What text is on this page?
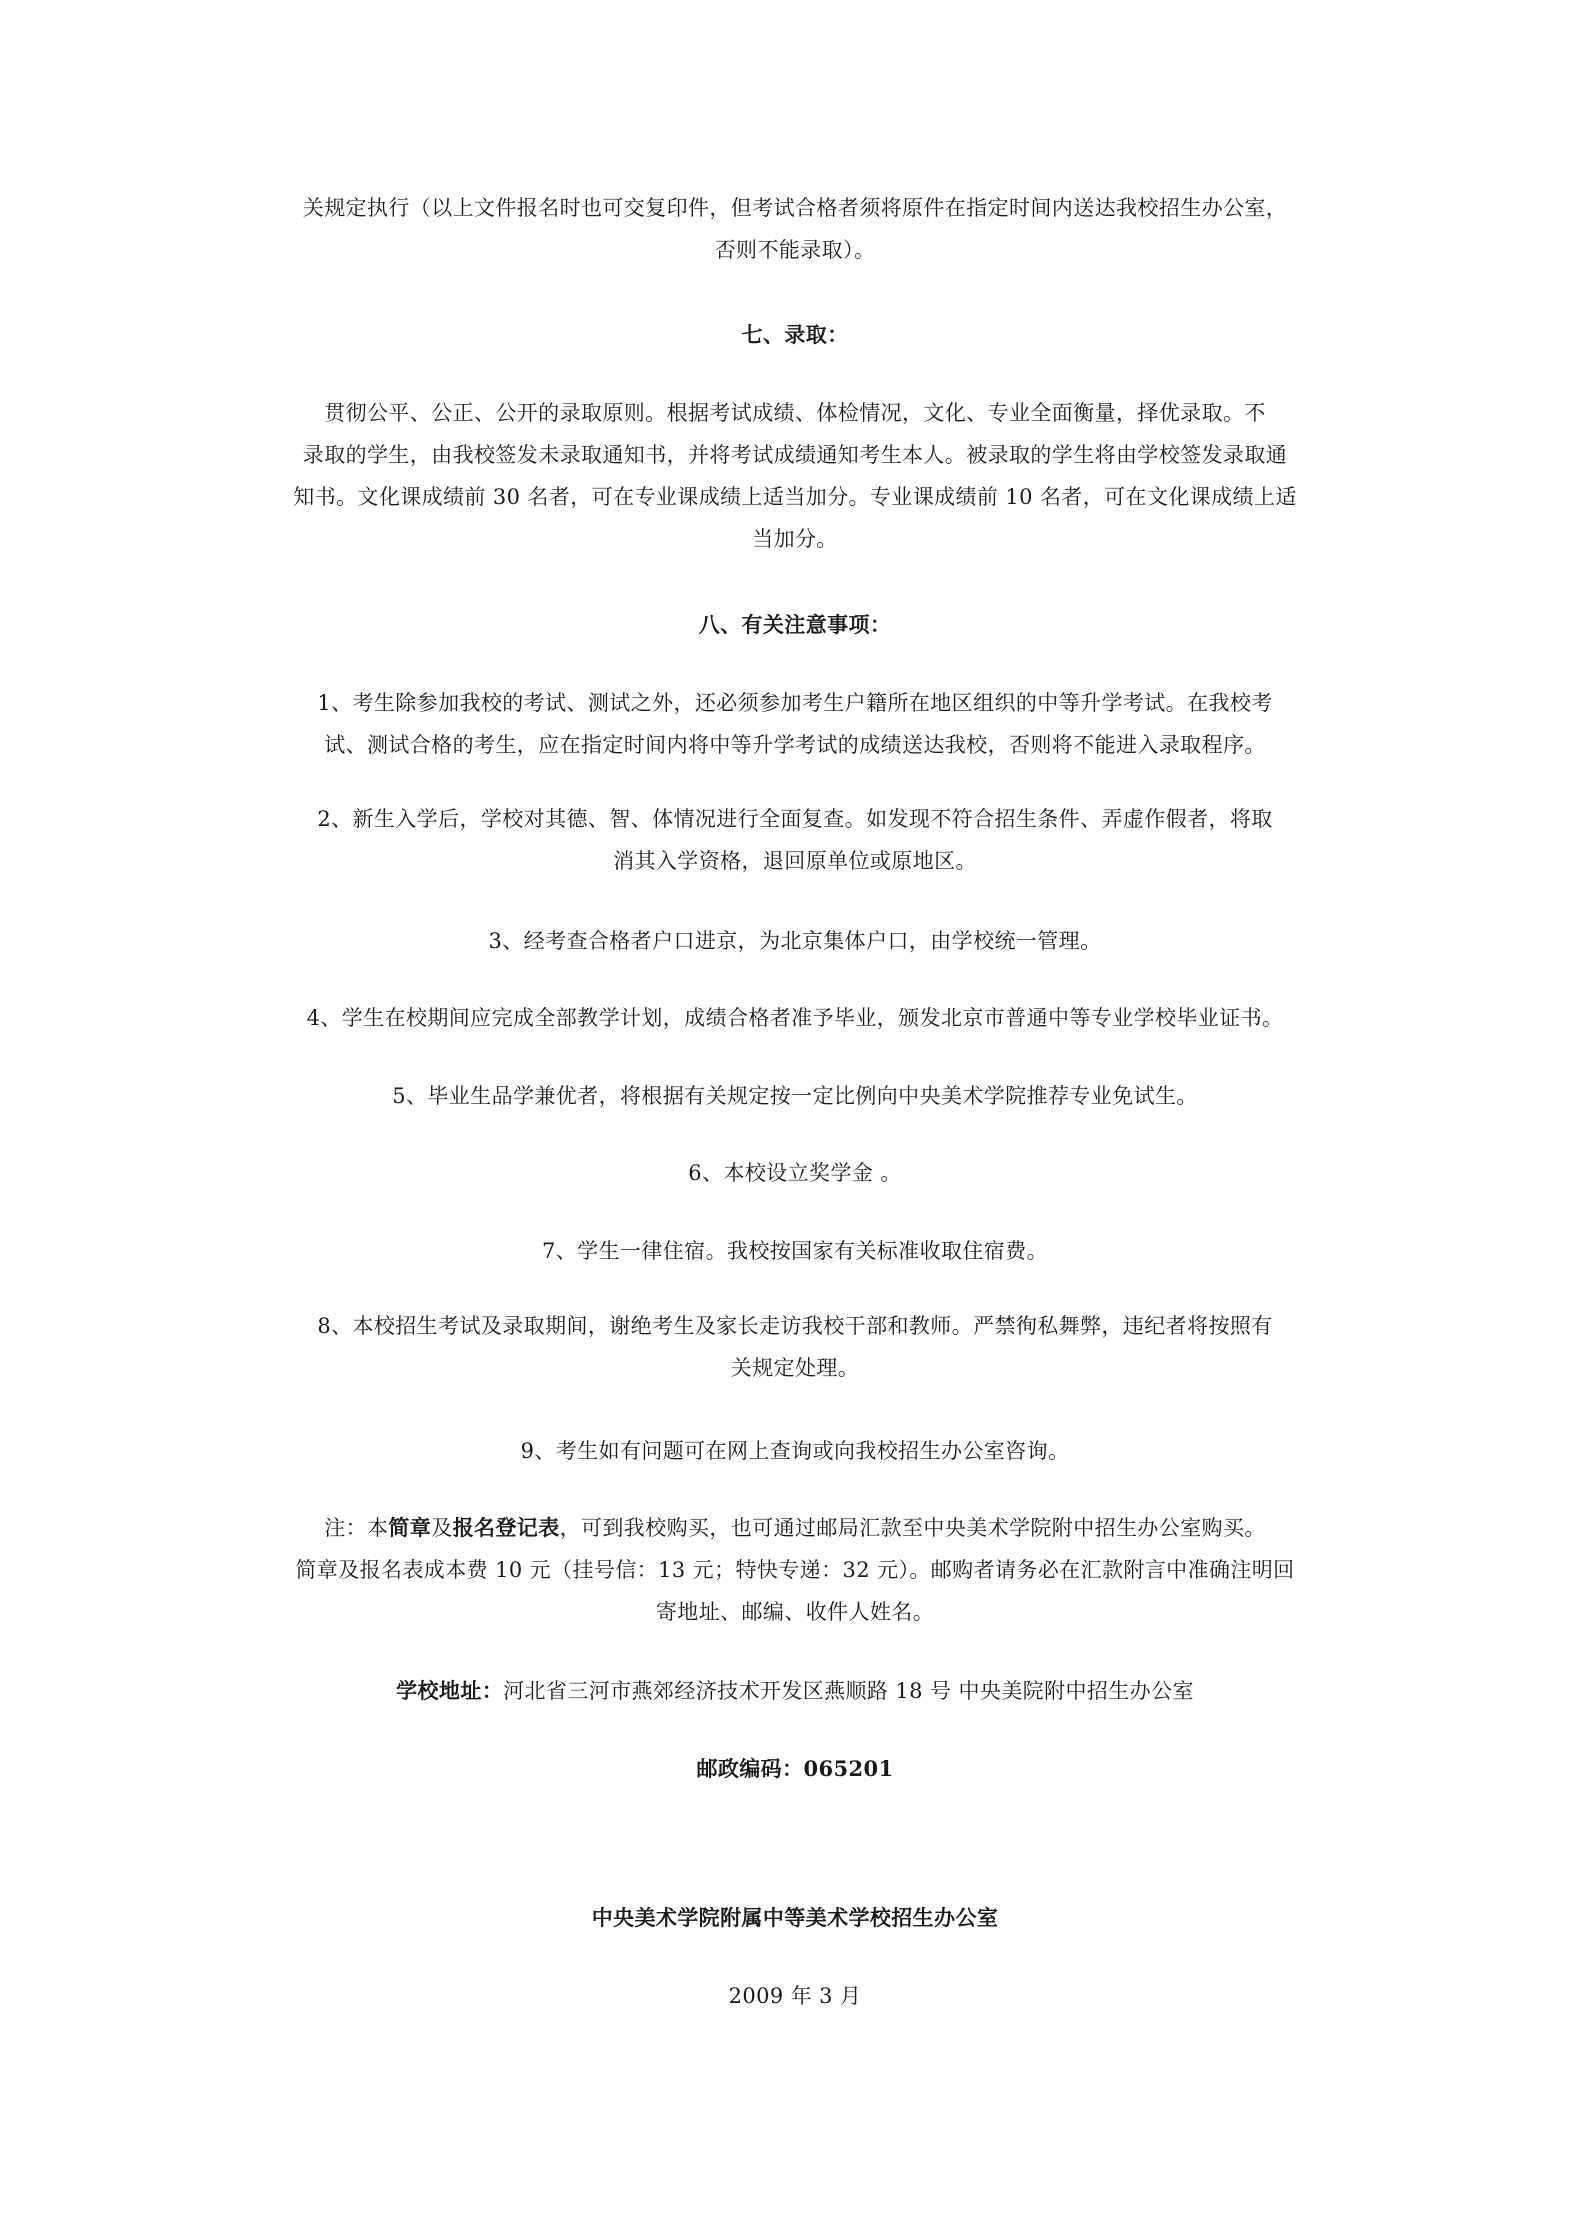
关规定执行（以上文件报名时也可交复印件，但考试合格者须将原件在指定时间内送达我校招生办公室，
否则不能录取）。
七、录取：
贯彻公平、公正、公开的录取原则。根据考试成绩、体检情况，文化、专业全面衡量，择优录取。不
录取的学生，由我校签发未录取通知书，并将考试成绩通知考生本人。被录取的学生将由学校签发录取通
知书。文化课成绩前 30 名者，可在专业课成绩上适当加分。专业课成绩前 10 名者，可在文化课成绩上适
当加分。
八、有关注意事项：
1、考生除参加我校的考试、测试之外，还必须参加考生户籍所在地区组织的中等升学考试。在我校考
试、测试合格的考生，应在指定时间内将中等升学考试的成绩送达我校，否则将不能进入录取程序。
2、新生入学后，学校对其德、智、体情况进行全面复查。如发现不符合招生条件、弄虚作假者，将取
消其入学资格，退回原单位或原地区。
3、经考查合格者户口进京，为北京集体户口，由学校统一管理。
4、学生在校期间应完成全部教学计划，成绩合格者准予毕业，颁发北京市普通中等专业学校毕业证书。
5、毕业生品学兼优者，将根据有关规定按一定比例向中央美术学院推荐专业免试生。
6、本校设立奖学金 。
7、学生一律住宿。我校按国家有关标准收取住宿费。
8、本校招生考试及录取期间，谢绝考生及家长走访我校干部和教师。严禁徇私舞弊，违纪者将按照有
关规定处理。
9、考生如有问题可在网上查询或向我校招生办公室咨询。
注：本简章及报名登记表，可到我校购买，也可通过邮局汇款至中央美术学院附中招生办公室购买。
简章及报名表成本费 10 元（挂号信：13 元；特快专递：32 元）。邮购者请务必在汇款附言中准确注明回
寄地址、邮编、收件人姓名。
学校地址：河北省三河市燕郊经济技术开发区燕顺路 18 号 中央美院附中招生办公室
邮政编码：065201
中央美术学院附属中等美术学校招生办公室
2009 年 3 月
